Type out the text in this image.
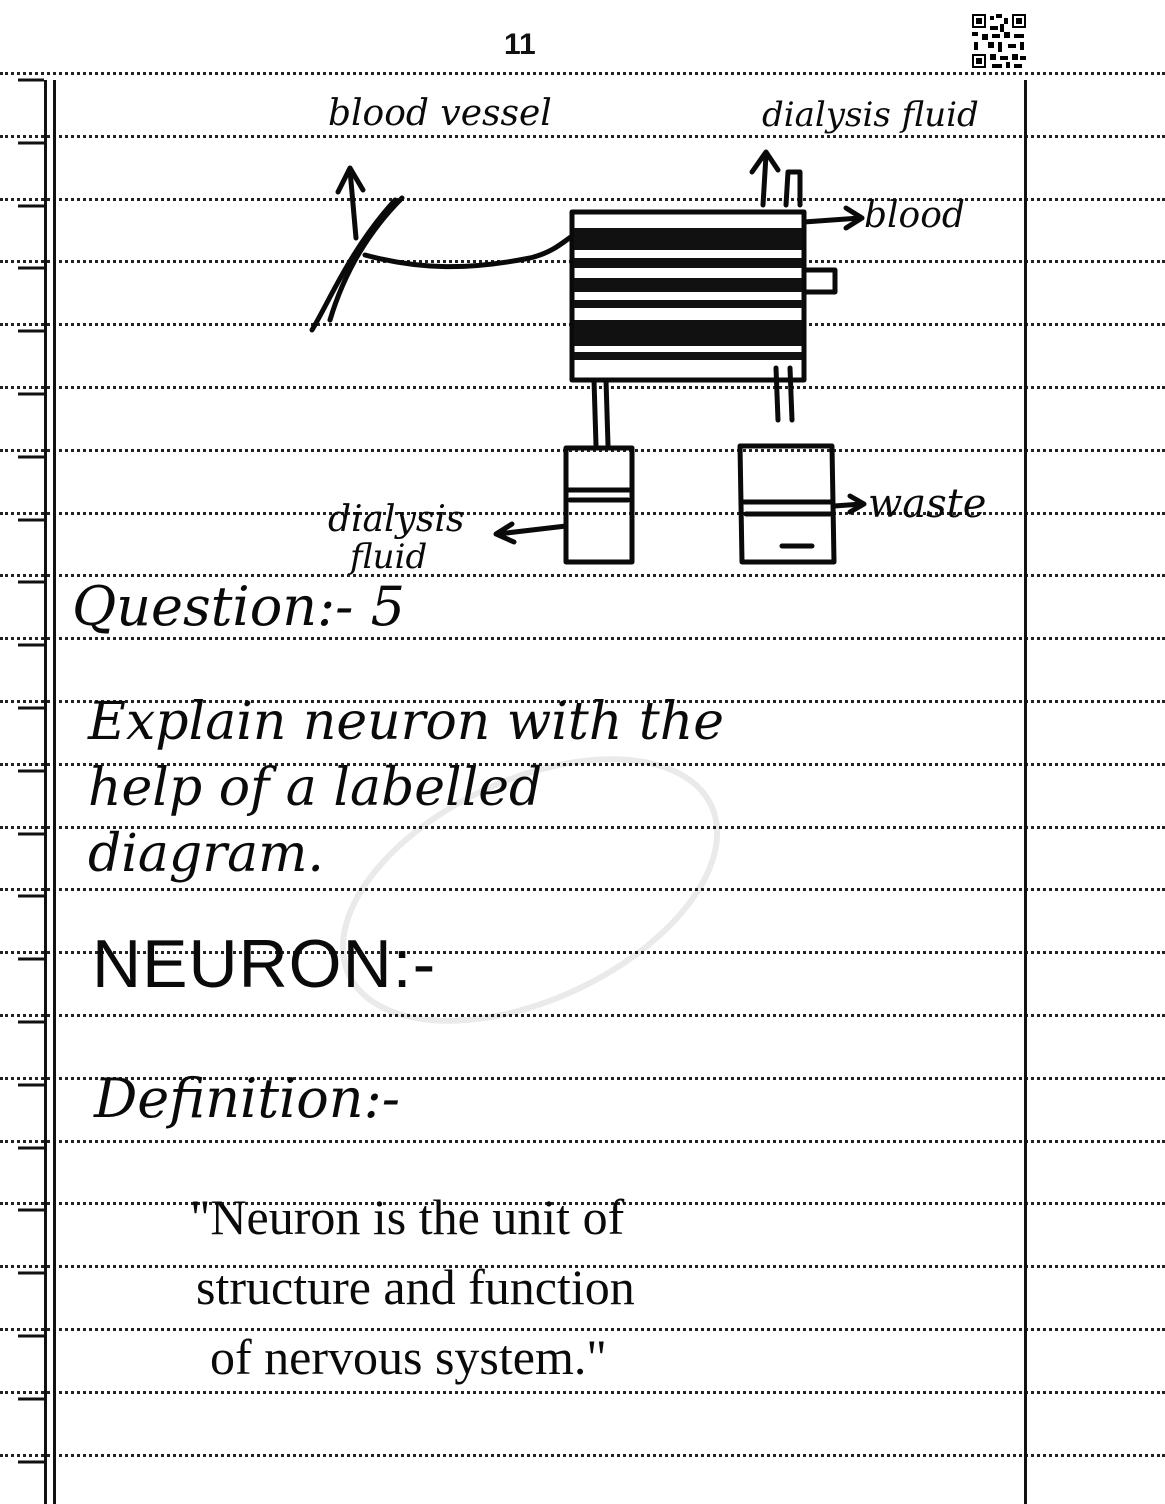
11
blood vessel	dialysis fluid
blood
dialysis
fluid
waste
Question:- 5
Explain neuron with the
help of a labelled
diagram.
NEURON:-
Definition:-
"Neuron is the unit of
structure and function
of nervous system."
